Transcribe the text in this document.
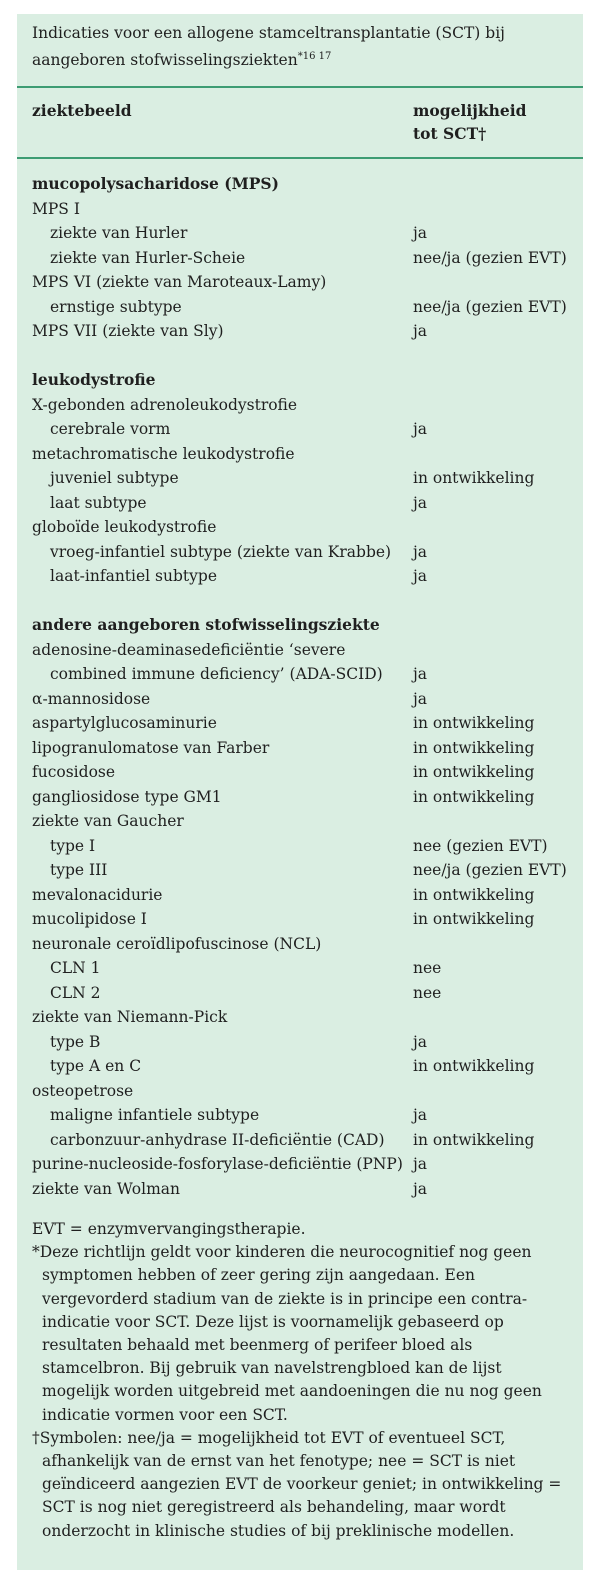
Indicaties voor een allogene stamceltransplantatie (SCT) bij aangeboren stofwisselingsziekten$^{*16 17}$
ziektebeeld	mogelijkheid
tot SCT†
mucopolysacharidose (MPS)
MPS I
ziekte van Hurler	ja
ziekte van Hurler-Scheie	nee/ja (gezien EVT)
MPS VI (ziekte van Maroteaux-Lamy)
ernstige subtype	nee/ja (gezien EVT)
MPS VII (ziekte van Sly)	ja
leukodystrofie
X-gebonden adrenoleukodystrofie
cerebrale vorm	ja
metachromatische leukodystrofie
juveniel subtype	in ontwikkeling
laat subtype	ja
globoïde leukodystrofie
vroeg-infantiel subtype (ziekte van Krabbe) ja
laat-infantiel subtype	ja
andere aangeboren stofwisselingsziekte
adenosine-deaminasedeficiëntie ‘severe
combined immune deficiency’ (ADA-SCID) ja
α-mannosidose	ja
aspartylglucosaminurie	in ontwikkeling
lipogranulomatose van Farber	in ontwikkeling
fucosidose	in ontwikkeling
gangliosidose type GM1	in ontwikkeling
ziekte van Gaucher
type I	nee (gezien EVT)
type III	nee/ja (gezien EVT)
mevalonacidurie	in ontwikkeling
mucolipidose I	in ontwikkeling
neuronale ceroïdlipofuscinose (NCL)
CLN 1	nee
CLN 2	nee
ziekte van Niemann-Pick
type B	ja
type A en C	in ontwikkeling
osteopetrose
maligne infantiele subtype	ja
carbonzuur-anhydrase II-deficiëntie (CAD) in ontwikkeling
purine-nucleoside-fosforylase-deficiëntie (PNP) ja
ziekte van Wolman	ja

EVT = enzymvervangingstherapie.

*Deze richtlijn geldt voor kinderen die neurocognitief nog geen symptomen hebben of zeer gering zijn aangedaan. Een vergevorderd stadium van de ziekte is in principe een contra-indicatie voor SCT. Deze lijst is voornamelijk gebaseerd op resultaten behaald met beenmerg of perifeer bloed als stamcelbron. Bij gebruik van navelstrengbloed kan de lijst mogelijk worden uitgebreid met aandoeningen die nu nog geen indicatie vormen voor een SCT.

†Symbolen: nee/ja = mogelijkheid tot EVT of eventueel SCT, afhankelijk van de ernst van het fenotype; nee = SCT is niet geïndiceerd aangezien EVT de voorkeur geniet; in ontwikkeling = SCT is nog niet geregistreerd als behandeling, maar wordt onderzocht in klinische studies of bij preklinische modellen.
